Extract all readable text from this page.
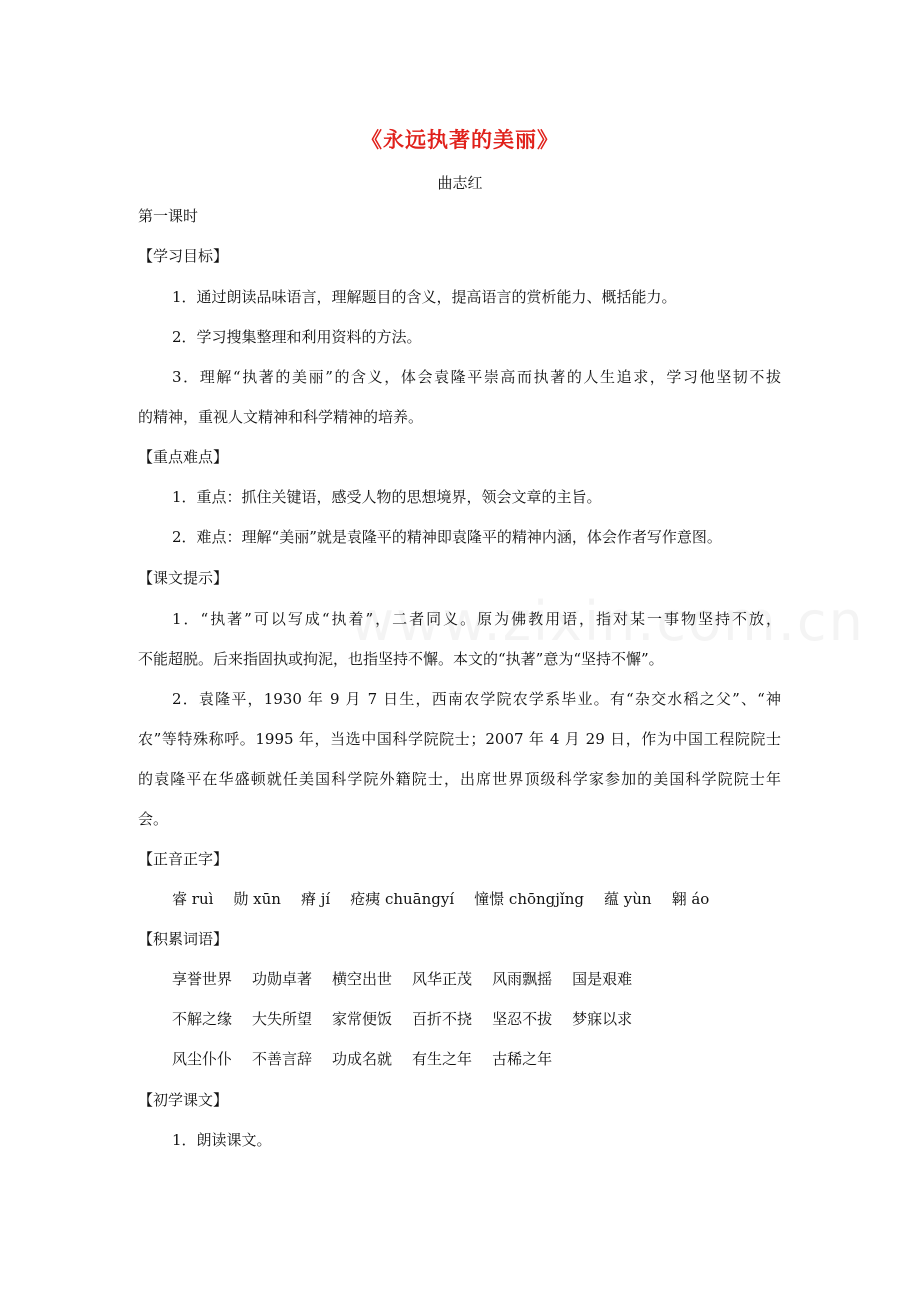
《永远执著的美丽》
曲志红
第一课时
【学习目标】
1．通过朗读品味语言，理解题目的含义，提高语言的赏析能力、概括能力。
2．学习搜集整理和利用资料的方法。
3．理解“执著的美丽”的含义，体会袁隆平崇高而执著的人生追求，学习他坚韧不拔
的精神，重视人文精神和科学精神的培养。
【重点难点】
1．重点：抓住关键语，感受人物的思想境界，领会文章的主旨。
2．难点：理解“美丽”就是袁隆平的精神即袁隆平的精神内涵，体会作者写作意图。
【课文提示】
1．“执著”可以写成“执着”，二者同义。原为佛教用语，指对某一事物坚持不放，
不能超脱。后来指固执或拘泥，也指坚持不懈。本文的“执著”意为“坚持不懈”。
2．袁隆平，1930 年 9 月 7 日生，西南农学院农学系毕业。有“杂交水稻之父”、“神
农”等特殊称呼。1995 年，当选中国科学院院士；2007 年 4 月 29 日，作为中国工程院院士
的袁隆平在华盛顿就任美国科学院外籍院士，出席世界顶级科学家参加的美国科学院院士年
会。
【正音正字】
睿 ruì 勋 xūn 瘠 jí 疮痍 chuāngyí 憧憬 chōngjǐng 蕴 yùn 翱 áo
【积累词语】
享誉世界 功勋卓著 横空出世 风华正茂 风雨飘摇 国是艰难
不解之缘 大失所望 家常便饭 百折不挠 坚忍不拔 梦寐以求
风尘仆仆 不善言辞 功成名就 有生之年 古稀之年
【初学课文】
1．朗读课文。
